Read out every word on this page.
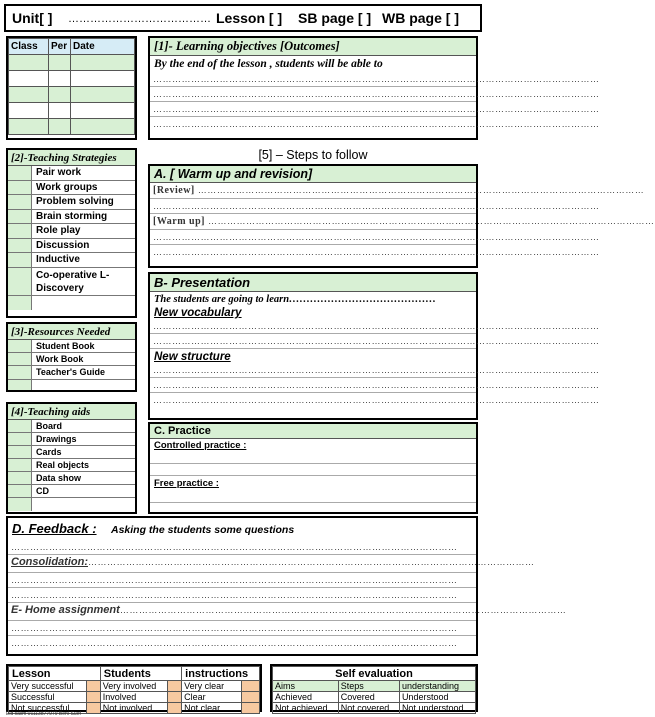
Unit[ ] ………………………………… Lesson [ ] SB page [ ] WB page [ ]
Class	Per	Date

			[1]- Learning objectives [Outcomes]
By the end of the lesson , students will be able to
……………………………………………………………………………………………………………………………
……………………………………………………………………………………………………………………………
……………………………………………………………………………………………………………………………
……………………………………………………………………………………………………………………………
[2]-Teaching Strategies
Pair work
Work groups
Problem solving
Brain storming
Role play
Discussion
Inductive
Co-operative L-
Discovery
[3]-Resources Needed
Student Book
Work Book
Teacher's Guide
[4]-Teaching aids
Board
Drawings
Cards
Real objects
Data show
CD
[5] – Steps to follow
A. [ Warm up and revision]
[Review] ……………………………………………………………………………………………………………………………
……………………………………………………………………………………………………………………………
[Warm up] ……………………………………………………………………………………………………………………………
……………………………………………………………………………………………………………………………
……………………………………………………………………………………………………………………………
B- Presentation
The students are going to learn……………………………………
New vocabulary
……………………………………………………………………………………………………………………………
……………………………………………………………………………………………………………………………
New structure
……………………………………………………………………………………………………………………………
……………………………………………………………………………………………………………………………
……………………………………………………………………………………………………………………………
C. Practice
Controlled practice :
Free practice :
D. Feedback : Asking the students some questions
……………………………………………………………………………………………………………………………
Consolidation:……………………………………………………………………………………………………………………………
……………………………………………………………………………………………………………………………
……………………………………………………………………………………………………………………………
E- Home assignment……………………………………………………………………………………………………………………………
……………………………………………………………………………………………………………………………
……………………………………………………………………………………………………………………………
Lesson		Students		instructions	
Very successful		Very involved		Very clear	
Successful		Involved		Clear	
Not successful		Not involved		Not clear	
Self evaluation		
Aims	Steps	understanding
Achieved	Covered	Understood
Not achieved	Not covered	Not understood
Eid salim 01113877979 Beni-Suef
